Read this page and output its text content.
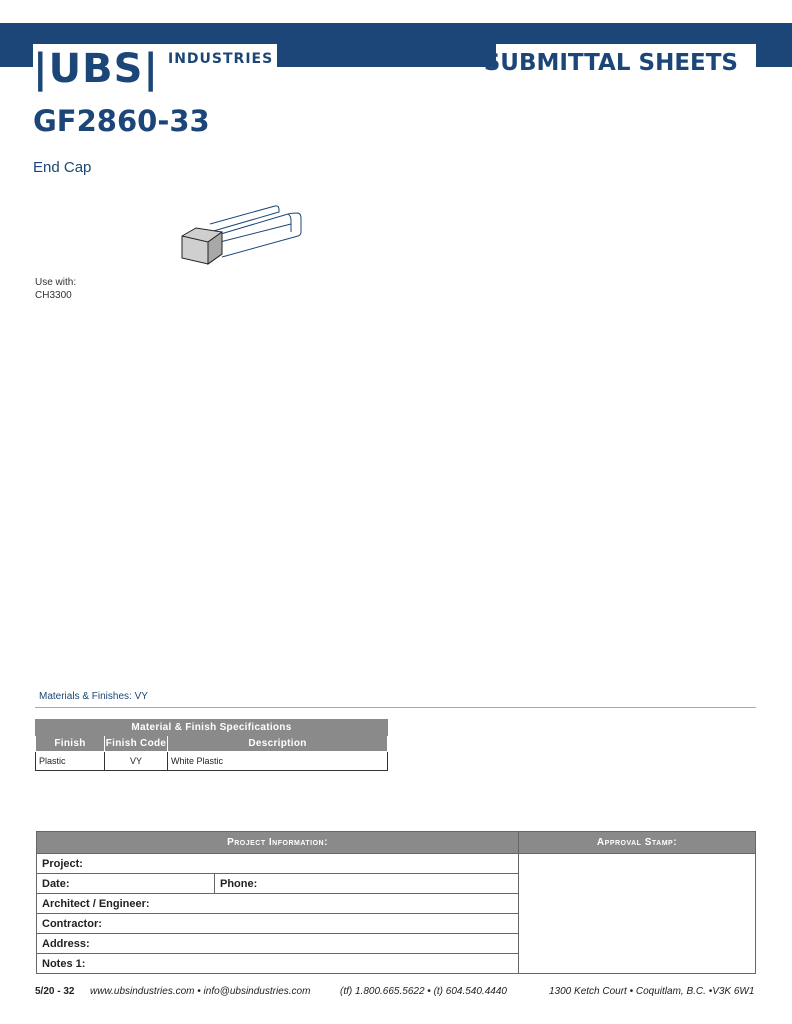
|UBS| INDUSTRIES	SUBMITTAL SHEETS
GF2860-33
End Cap
Use with:
CH3300
Materials & Finishes: VY
Material & Finish Specifications		
Finish	Finish Code	Description
Plastic	VY	White Plastic
Project Information:		Approval Stamp:
Project:		
Date:	Phone:	
Architect / Engineer:		
Contractor:		
Address:		
Notes 1:		
5/20 - 32 www.ubsindustries.com • info@ubsindustries.com	(tf) 1.800.665.5622 • (t) 604.540.4440	1300 Ketch Court • Coquitlam, B.C. •V3K 6W1
